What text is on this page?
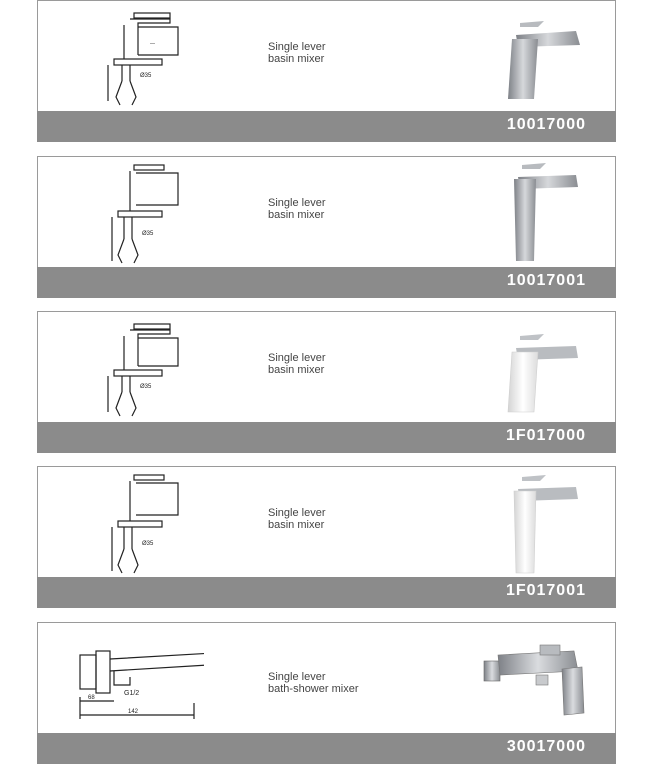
—
Ø35
Single lever
basin mixer
10017000
Ø35
Single lever
basin mixer
10017001
Ø35
Single lever
basin mixer
1F017000
Ø35
Single lever
basin mixer
1F017001
G1/2
68
142
Single lever
bath-shower mixer
30017000
